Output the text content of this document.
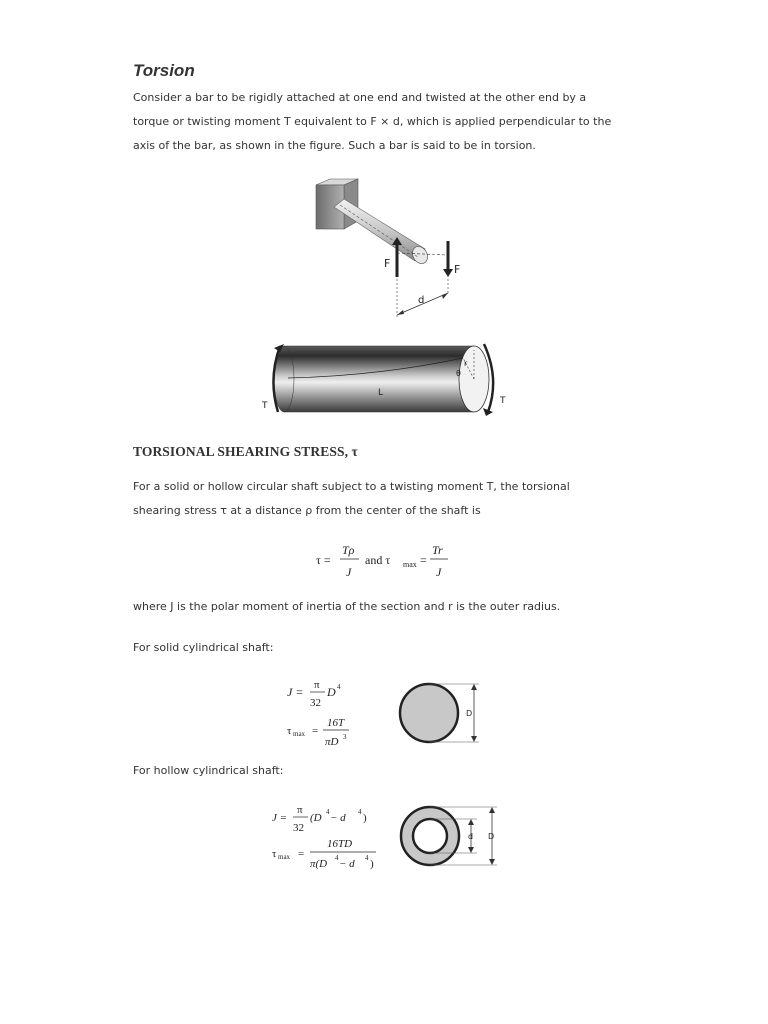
Torsion
Consider a bar to be rigidly attached at one end and twisted at the other end by a
torque or twisting moment T equivalent to F × d, which is applied perpendicular to the
axis of the bar, as shown in the figure. Such a bar is said to be in torsion.
F	F
d
r
θ
L
T	T
TORSIONAL SHEARING STRESS, τ
For a solid or hollow circular shaft subject to a twisting moment T, the torsional
shearing stress τ at a distance ρ from the center of the shaft is
τ =
Tρ
J
and τ max =
Tr
J
where J is the polar moment of inertia of the section and r is the outer radius.
For solid cylindrical shaft:
J = π
32
D 4
τ max =
16T
πD 3
D
For hollow cylindrical shaft:
J =
π
32
(D 4 − d 4 )
τ max =
16TD
π(D 4 − d 4 )
d D
